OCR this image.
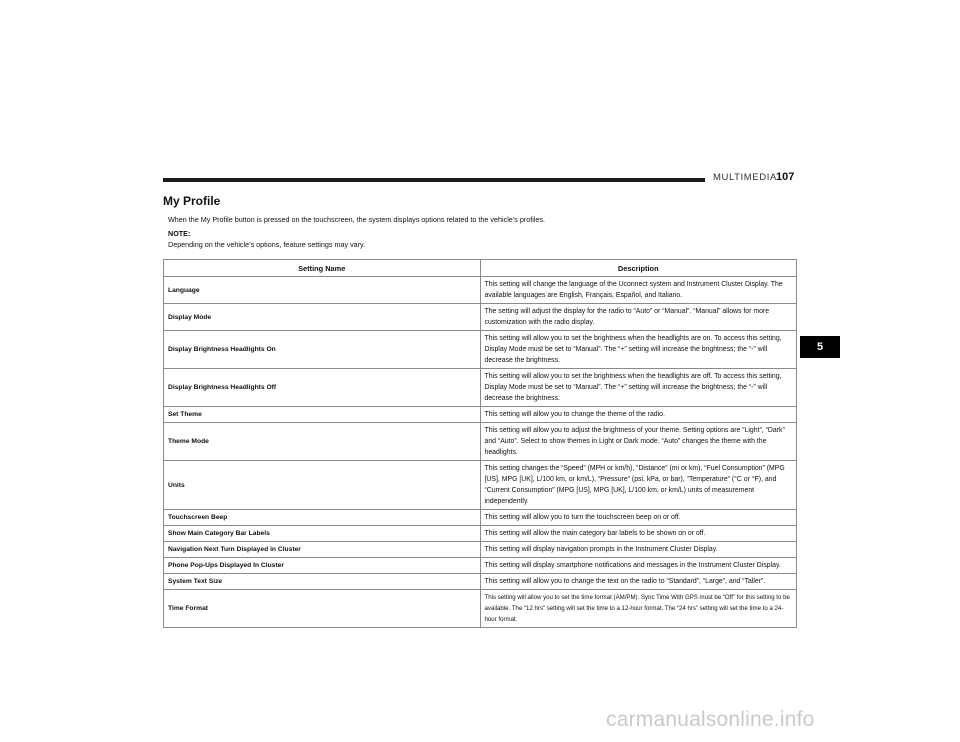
MULTIMEDIA 107
My Profile
When the My Profile button is pressed on the touchscreen, the system displays options related to the vehicle’s profiles.
NOTE:
Depending on the vehicle’s options, feature settings may vary.
Setting Name	Description
Language	This setting will change the language of the Uconnect system and Instrument Cluster Display. The available languages are English, Français, Español, and Italiano.
Display Mode	The setting will adjust the display for the radio to “Auto” or “Manual”. “Manual” allows for more customization with the radio display.
Display Brightness Headlights On	This setting will allow you to set the brightness when the headlights are on. To access this setting, Display Mode must be set to “Manual”. The “+” setting will increase the brightness; the “-” will decrease the brightness.
Display Brightness Headlights Off	This setting will allow you to set the brightness when the headlights are off. To access this setting, Display Mode must be set to “Manual”. The “+” setting will increase the brightness; the “-” will decrease the brightness.
Set Theme	This setting will allow you to change the theme of the radio.
Theme Mode	This setting will allow you to adjust the brightness of your theme. Setting options are “Light”, “Dark” and “Auto”. Select to show themes in Light or Dark mode. “Auto” changes the theme with the headlights.
Units	This setting changes the “Speed” (MPH or km/h), “Distance” (mi or km), “Fuel Consumption” (MPG [US], MPG [UK], L/100 km, or km/L), “Pressure” (psi, kPa, or bar), “Temperature” (°C or °F), and “Current Consumption” (MPG [US], MPG [UK], L/100 km, or km/L) units of measurement independently.
Touchscreen Beep	This setting will allow you to turn the touchscreen beep on or off.
Show Main Category Bar Labels	This setting will allow the main category bar labels to be shown on or off.
Navigation Next Turn Displayed in Cluster	This setting will display navigation prompts in the Instrument Cluster Display.
Phone Pop-Ups Displayed In Cluster	This setting will display smartphone notifications and messages in the Instrument Cluster Display.
System Text Size	This setting will allow you to change the text on the radio to “Standard”, “Large”, and “Taller”.
Time Format	This setting will allow you to set the time format (AM/PM). Sync Time With GPS must be “Off” for this setting to be available. The “12 hrs” setting will set the time to a 12-hour format. The “24 hrs” setting will set the time to a 24-hour format.
5
carmanualsonline.info
